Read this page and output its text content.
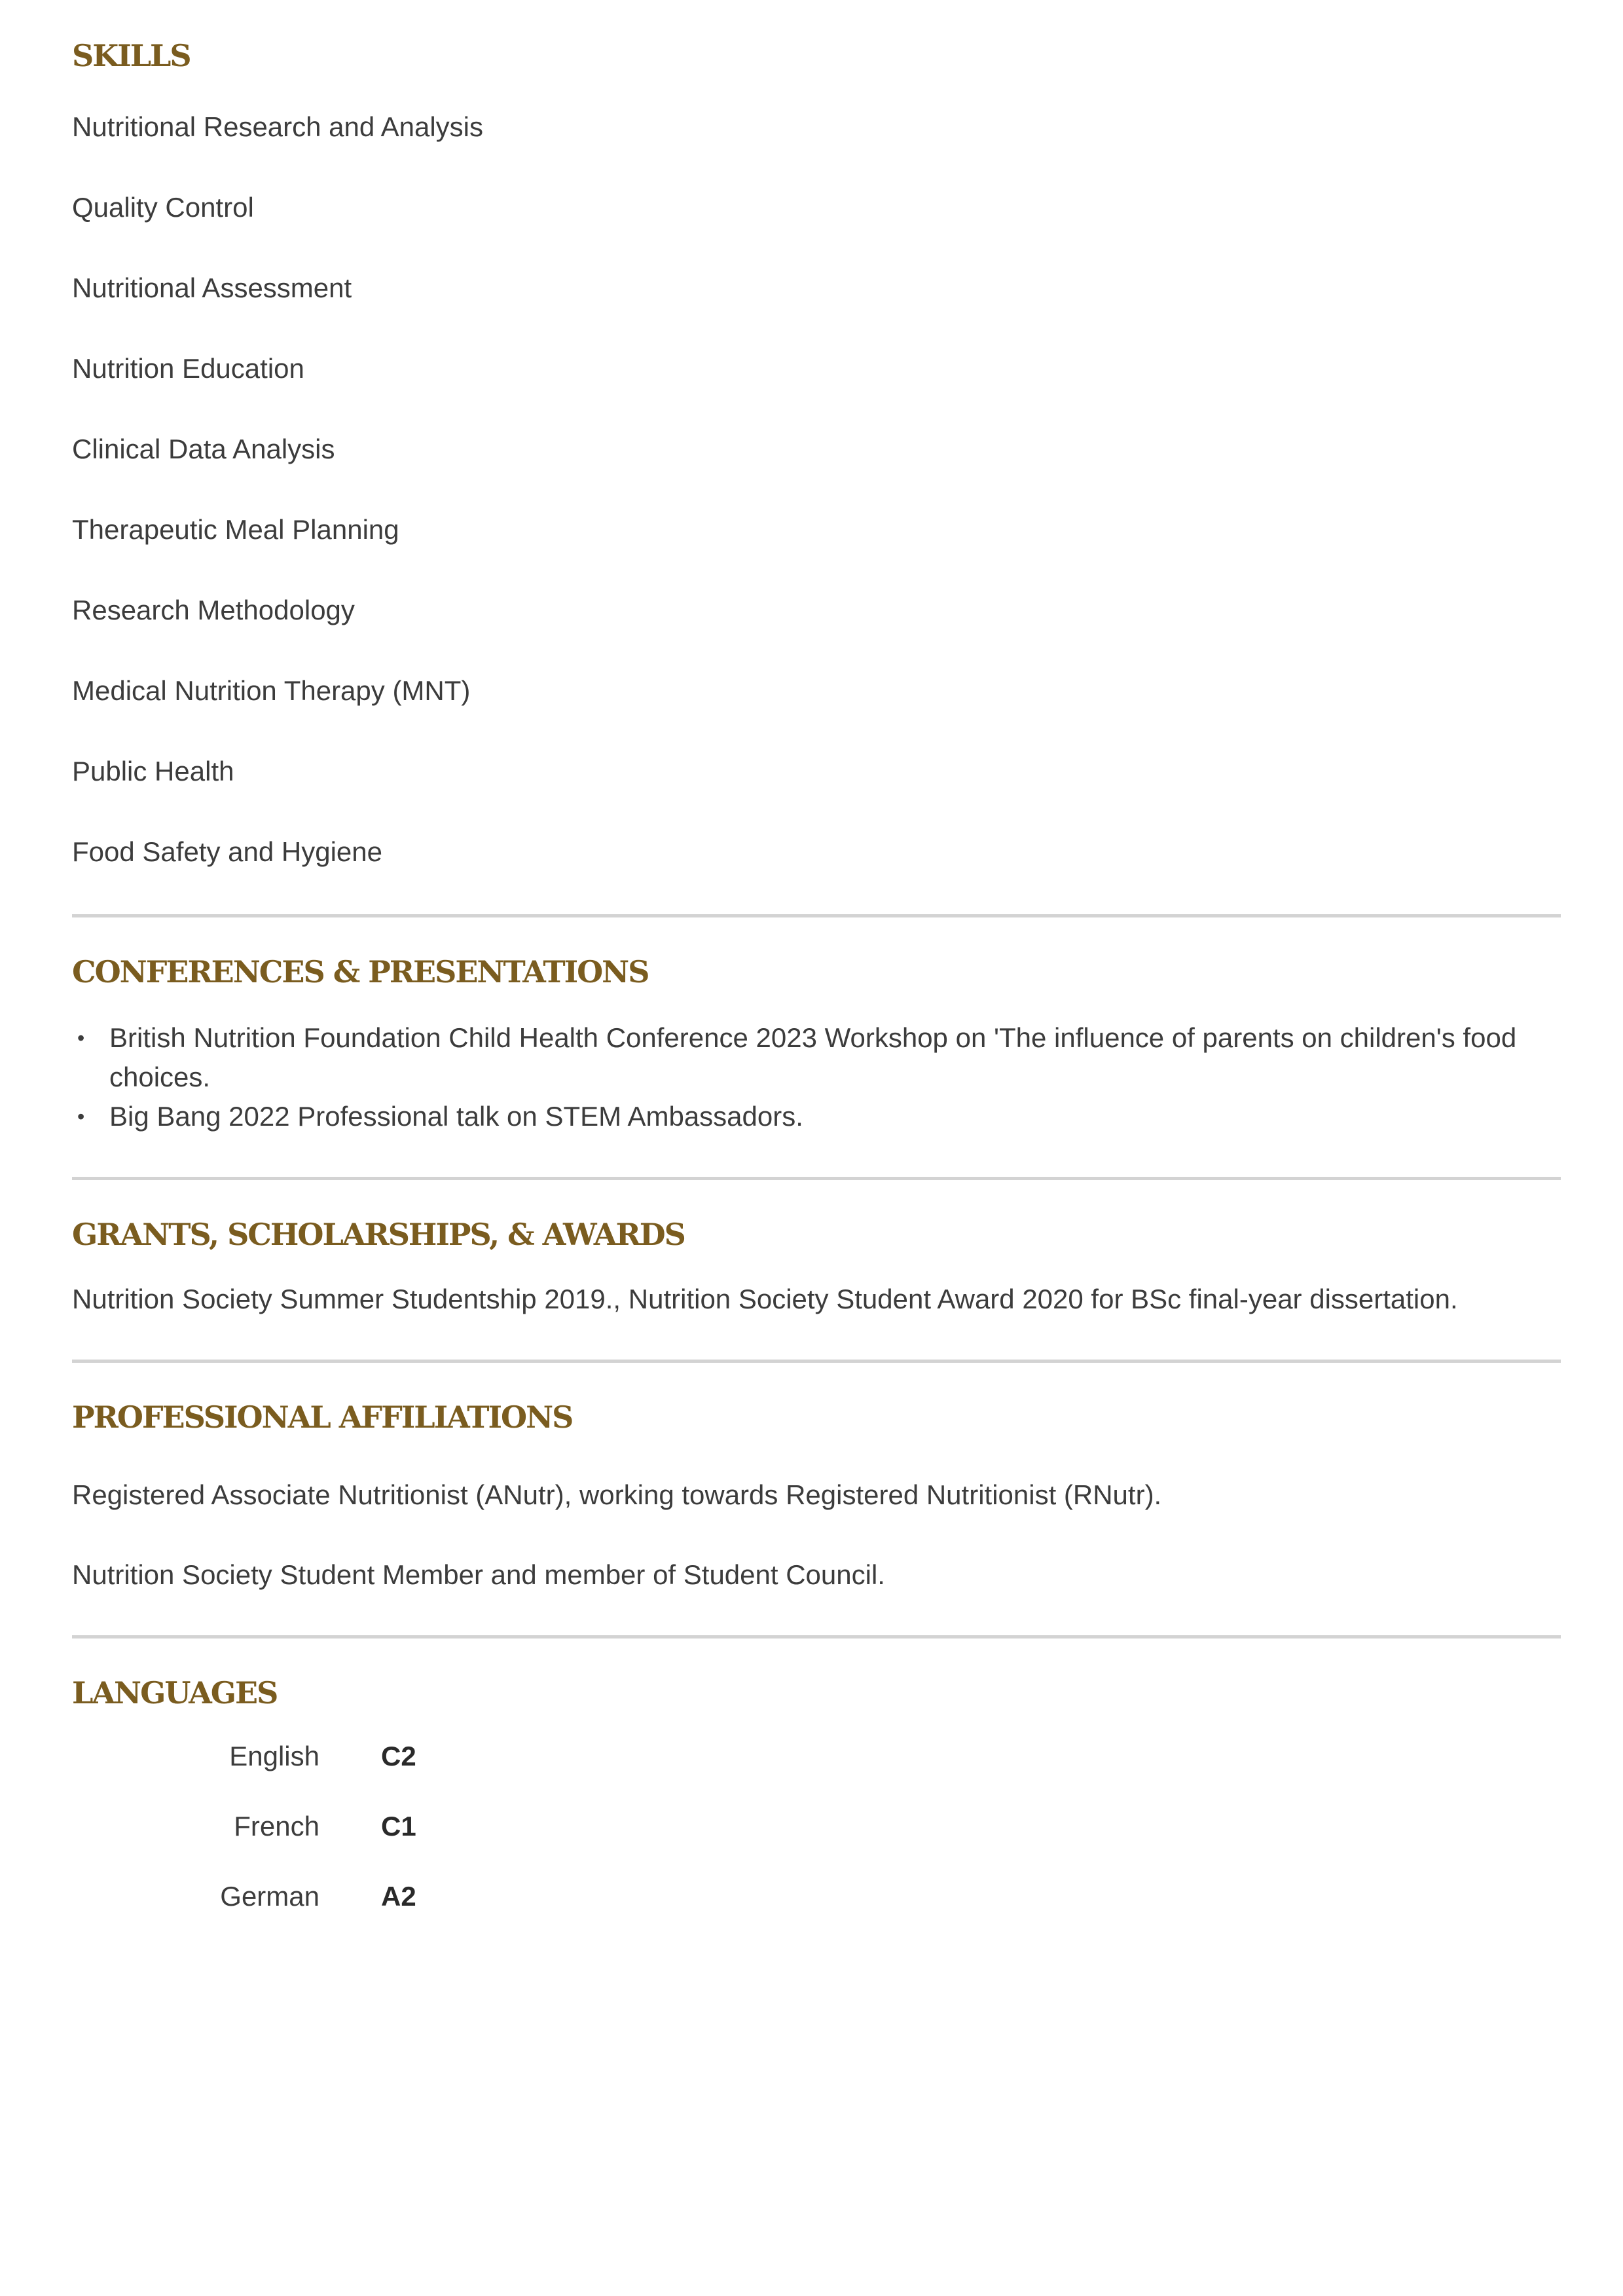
SKILLS
Nutritional Research and Analysis
Quality Control
Nutritional Assessment
Nutrition Education
Clinical Data Analysis
Therapeutic Meal Planning
Research Methodology
Medical Nutrition Therapy (MNT)
Public Health
Food Safety and Hygiene
CONFERENCES & PRESENTATIONS
• British Nutrition Foundation Child Health Conference 2023 Workshop on 'The influence of parents on children's food choices.
• Big Bang 2022 Professional talk on STEM Ambassadors.
GRANTS, SCHOLARSHIPS, & AWARDS

Nutrition Society Summer Studentship 2019., Nutrition Society Student Award 2020 for BSc final-year dissertation.

PROFESSIONAL AFFILIATIONS

Registered Associate Nutritionist (ANutr), working towards Registered Nutritionist (RNutr).

Nutrition Society Student Member and member of Student Council.

LANGUAGES
English C2
French C1
German A2
